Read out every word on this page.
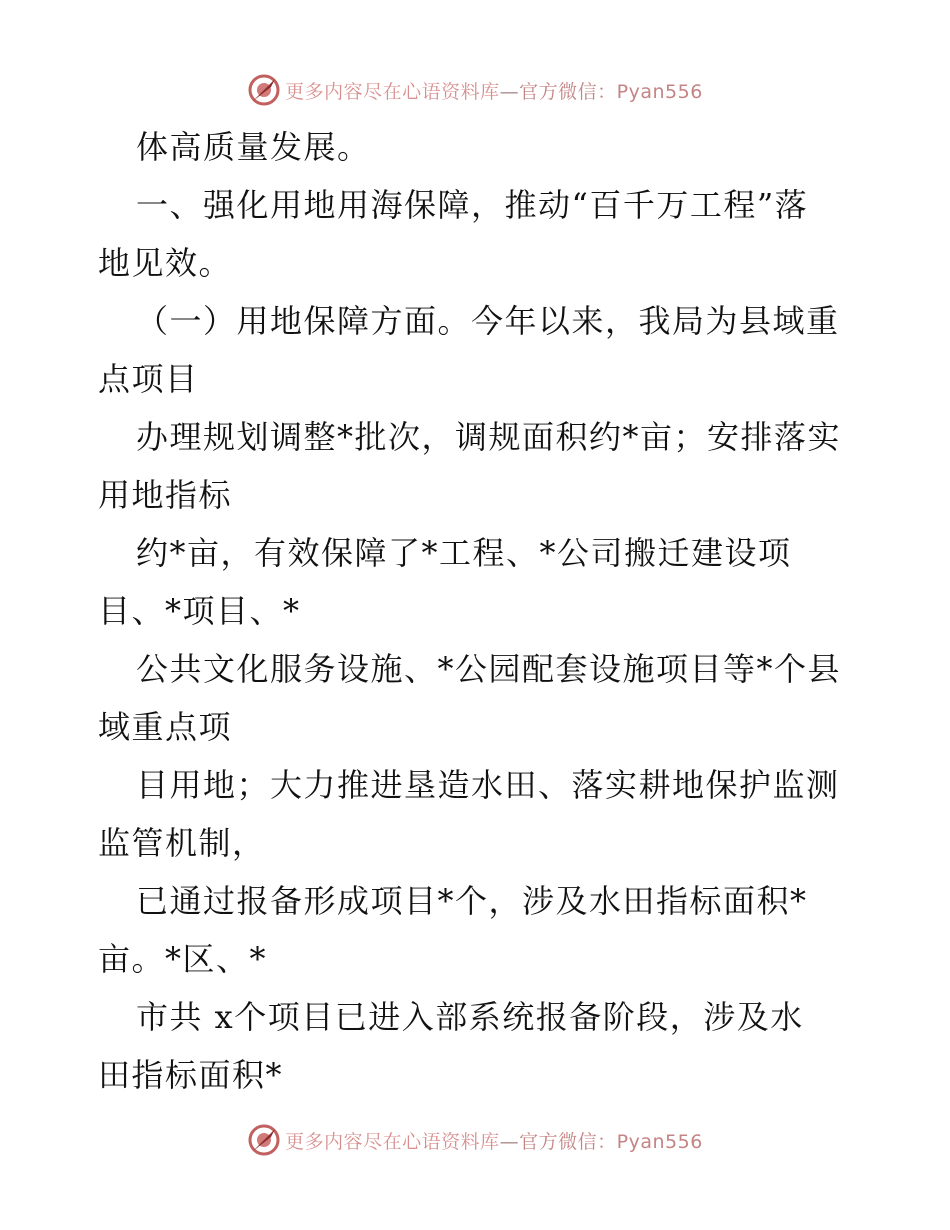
更多内容尽在心语资料库—官方微信：Pyan556

体高质量发展。

一、强化用地用海保障，推动“百千万工程”落

地见效。

（一）用地保障方面。今年以来，我局为县域重

点项目

办理规划调整*批次，调规面积约*亩；安排落实

用地指标

约*亩，有效保障了*工程、*公司搬迁建设项

目、*项目、*

公共文化服务设施、*公园配套设施项目等*个县

域重点项

目用地；大力推进垦造水田、落实耕地保护监测

监管机制，

已通过报备形成项目*个，涉及水田指标面积*

亩。*区、*

市共 x个项目已进入部系统报备阶段，涉及水

田指标面积*

更多内容尽在心语资料库—官方微信：Pyan556
